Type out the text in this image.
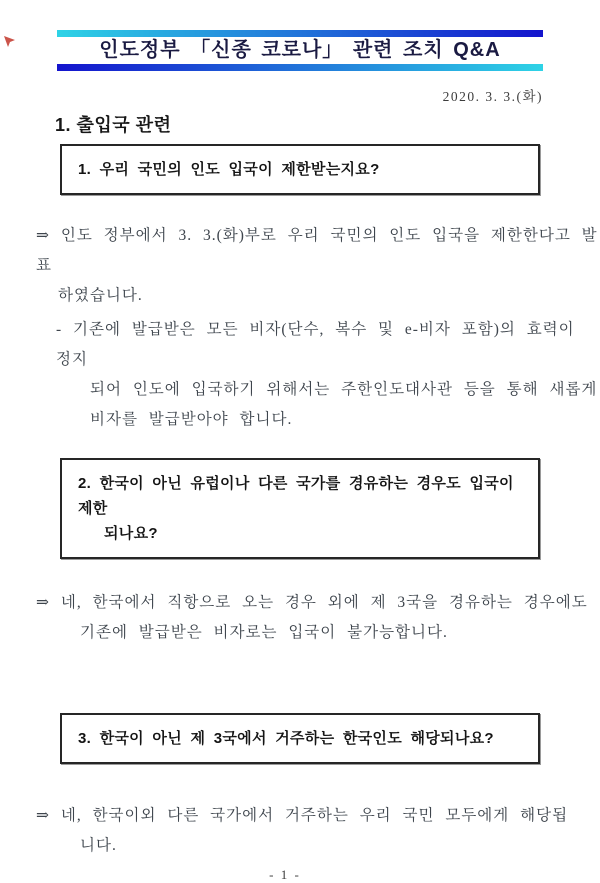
인도정부 「신종 코로나」 관련 조치 Q&A
2020. 3. 3.(화)
1. 출입국 관련
1. 우리 국민의 인도 입국이 제한받는지요?
⇒ 인도 정부에서 3. 3.(화)부로 우리 국민의 인도 입국을 제한한다고 발표
하였습니다.
- 기존에 발급받은 모든 비자(단수, 복수 및 e-비자 포함)의 효력이 정지
되어 인도에 입국하기 위해서는 주한인도대사관 등을 통해 새롭게
비자를 발급받아야 합니다.
2. 한국이 아닌 유럽이나 다른 국가를 경유하는 경우도 입국이 제한
되나요?
⇒ 네, 한국에서 직항으로 오는 경우 외에 제 3국을 경유하는 경우에도
기존에 발급받은 비자로는 입국이 불가능합니다.
3. 한국이 아닌 제 3국에서 거주하는 한국인도 해당되나요?
⇒ 네, 한국이외 다른 국가에서 거주하는 우리 국민 모두에게 해당됩
니다.
- 1 -
